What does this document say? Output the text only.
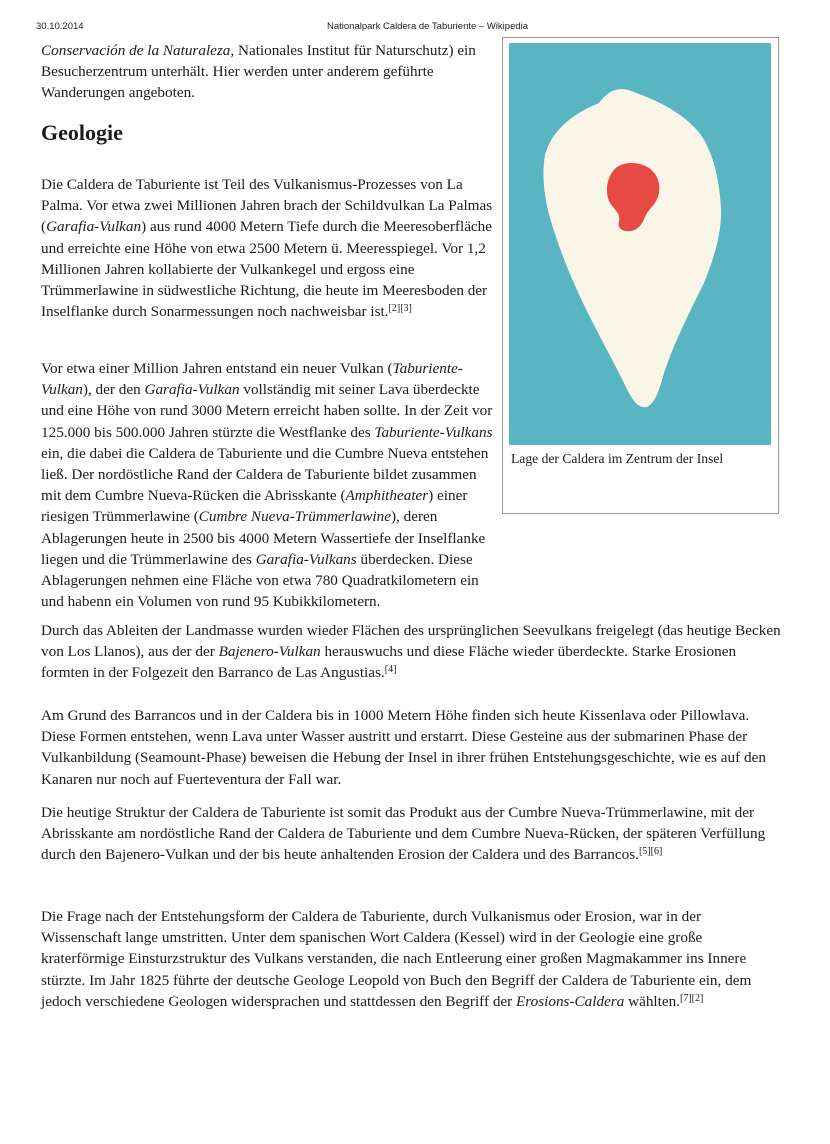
30.10.2014	Nationalpark Caldera de Taburiente – Wikipedia

Conservación de la Naturaleza, Nationales Institut für Naturschutz) ein Besucherzentrum unterhält. Hier werden unter anderem geführte Wanderungen angeboten.

Geologie

Die Caldera de Taburiente ist Teil des Vulkanismus-Prozesses von La Palma. Vor etwa zwei Millionen Jahren brach der Schildvulkan La Palmas (Garafia-Vulkan) aus rund 4000 Metern Tiefe durch die Meeresoberfläche und erreichte eine Höhe von etwa 2500 Metern ü. Meeresspiegel. Vor 1,2 Millionen Jahren kollabierte der Vulkankegel und ergoss eine Trümmerlawine in südwestliche Richtung, die heute im Meeresboden der Inselflanke durch Sonarmessungen noch nachweisbar ist.[2][3]

Vor etwa einer Million Jahren entstand ein neuer Vulkan (Taburiente-Vulkan), der den Garafia-Vulkan vollständig mit seiner Lava überdeckte und eine Höhe von rund 3000 Metern erreicht haben sollte. In der Zeit vor 125.000 bis 500.000 Jahren stürzte die Westflanke des Taburiente-Vulkans ein, die dabei die Caldera de Taburiente und die Cumbre Nueva entstehen ließ. Der nordöstliche Rand der Caldera de Taburiente bildet zusammen mit dem Cumbre Nueva-Rücken die Abrisskante (Amphitheater) einer riesigen Trümmerlawine (Cumbre Nueva-Trümmerlawine), deren Ablagerungen heute in 2500 bis 4000 Metern Wassertiefe der Inselflanke liegen und die Trümmerlawine des Garafia-Vulkans überdecken. Diese Ablagerungen nehmen eine Fläche von etwa 780 Quadratkilometern ein und habenn ein Volumen von rund 95 Kubikkilometern.

Durch das Ableiten der Landmasse wurden wieder Flächen des ursprünglichen Seevulkans freigelegt (das heutige Becken von Los Llanos), aus der der Bajenero-Vulkan herauswuchs und diese Fläche wieder überdeckte. Starke Erosionen formten in der Folgezeit den Barranco de Las Angustias.[4]

Am Grund des Barrancos und in der Caldera bis in 1000 Metern Höhe finden sich heute Kissenlava oder Pillowlava. Diese Formen entstehen, wenn Lava unter Wasser austritt und erstarrt. Diese Gesteine aus der submarinen Phase der Vulkanbildung (Seamount-Phase) beweisen die Hebung der Insel in ihrer frühen Entstehungsgeschichte, wie es auf den Kanaren nur noch auf Fuerteventura der Fall war.

Die heutige Struktur der Caldera de Taburiente ist somit das Produkt aus der Cumbre Nueva-Trümmerlawine, mit der Abrisskante am nordöstliche Rand der Caldera de Taburiente und dem Cumbre Nueva-Rücken, der späteren Verfüllung durch den Bajenero-Vulkan und der bis heute anhaltenden Erosion der Caldera und des Barrancos.[5][6]

Die Frage nach der Entstehungsform der Caldera de Taburiente, durch Vulkanismus oder Erosion, war in der Wissenschaft lange umstritten. Unter dem spanischen Wort Caldera (Kessel) wird in der Geologie eine große kraterförmige Einsturzstruktur des Vulkans verstanden, die nach Entleerung einer großen Magmakammer ins Innere stürzte. Im Jahr 1825 führte der deutsche Geologe Leopold von Buch den Begriff der Caldera de Taburiente ein, dem jedoch verschiedene Geologen widersprachen und stattdessen den Begriff der Erosions-Caldera wählten.[7][2]

Lage der Caldera im Zentrum der Insel
